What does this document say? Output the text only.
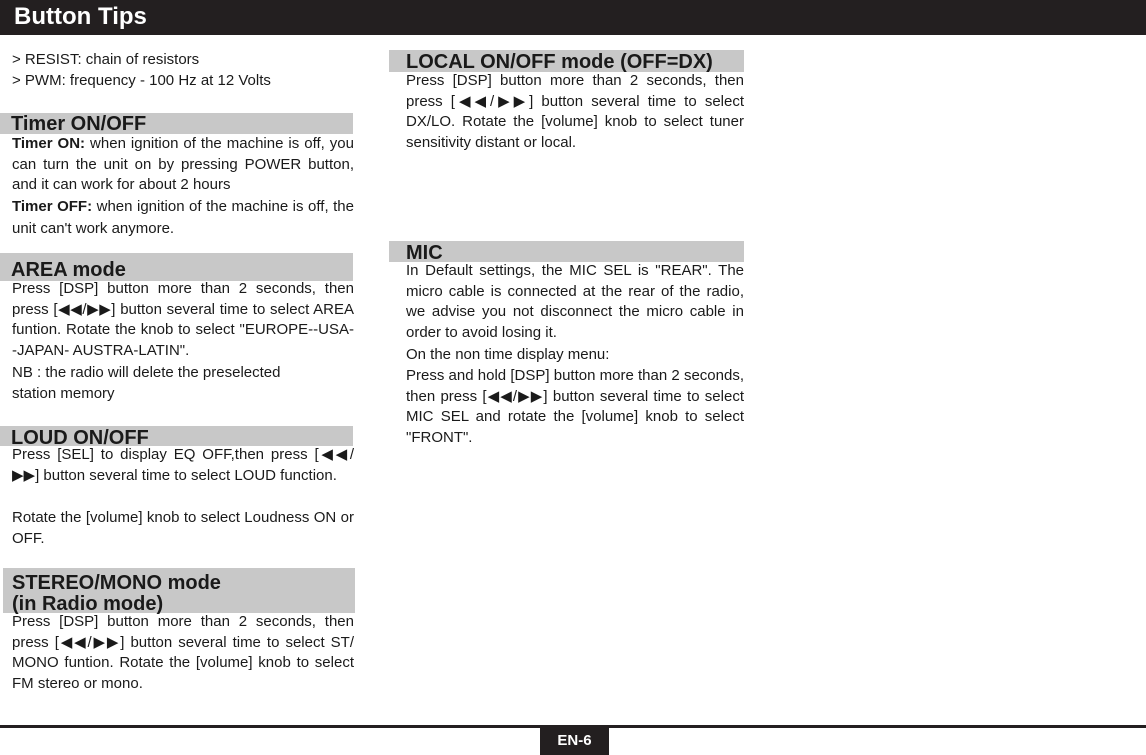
Button Tips

> RESIST: chain of resistors

> PWM: frequency - 100 Hz at 12 Volts

Timer ON/OFF

Timer ON: when ignition of the machine is off, you can turn the unit on by pressing POWER button, and it can work for about 2 hours

Timer OFF: when ignition of the machine is off, the unit can't work anymore.

AREA mode

Press [DSP] button more than 2 seconds, then press [◀◀/▶▶] button several time to select AREA funtion. Rotate the knob to select "EUROPE--USA--JAPAN- AUSTRA-LATIN".

NB : the radio will delete the preselected

station memory

LOUD ON/OFF

Press [SEL] to display EQ OFF,then press [◀◀/▶▶] button several time to select LOUD function.

Rotate the [volume] knob to select Loudness ON or OFF.

STEREO/MONO mode
(in Radio mode)

Press [DSP] button more than 2 seconds, then press [◀◀/▶▶] button several time to select ST/ MONO funtion. Rotate the [volume] knob to select FM stereo or mono.

LOCAL ON/OFF mode (OFF=DX)

Press [DSP] button more than 2 seconds, then press [◀◀/▶▶] button several time to select DX/LO. Rotate the [volume] knob to select tuner sensitivity distant or local.

MIC

In Default settings, the MIC SEL is "REAR". The micro cable is connected at the rear of the radio, we advise you not disconnect the micro cable in order to avoid losing it.

On the non time display menu:

Press and hold [DSP] button more than 2 seconds, then press [◀◀/▶▶] button several time to select MIC SEL and rotate the [volume] knob to select "FRONT".

EN-6
